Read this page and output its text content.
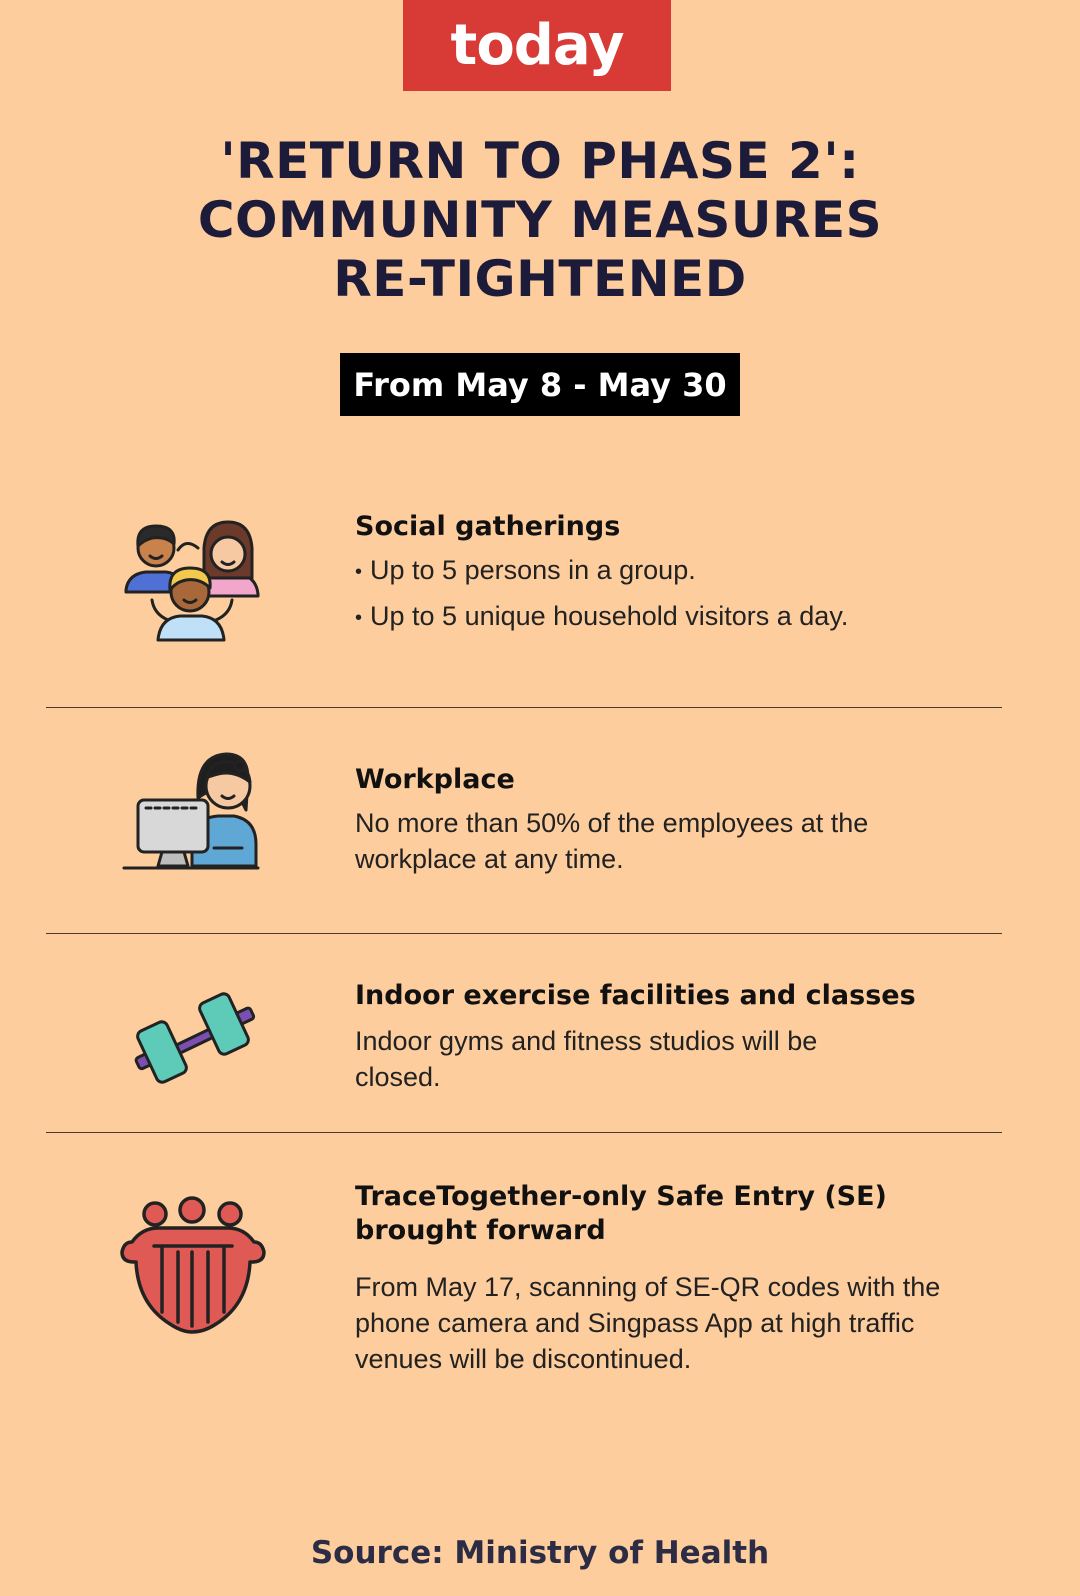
today
'RETURN TO PHASE 2':
COMMUNITY MEASURES
RE-TIGHTENED
From May 8 - May 30
Social gatherings
• Up to 5 persons in a group.
• Up to 5 unique household visitors a day.
Workplace

No more than 50% of the employees at the workplace at any time.

Indoor exercise facilities and classes

Indoor gyms and fitness studios will be closed.

TraceTogether-only Safe Entry (SE) brought forward

From May 17, scanning of SE-QR codes with the phone camera and Singpass App at high traffic venues will be discontinued.

Source: Ministry of Health
